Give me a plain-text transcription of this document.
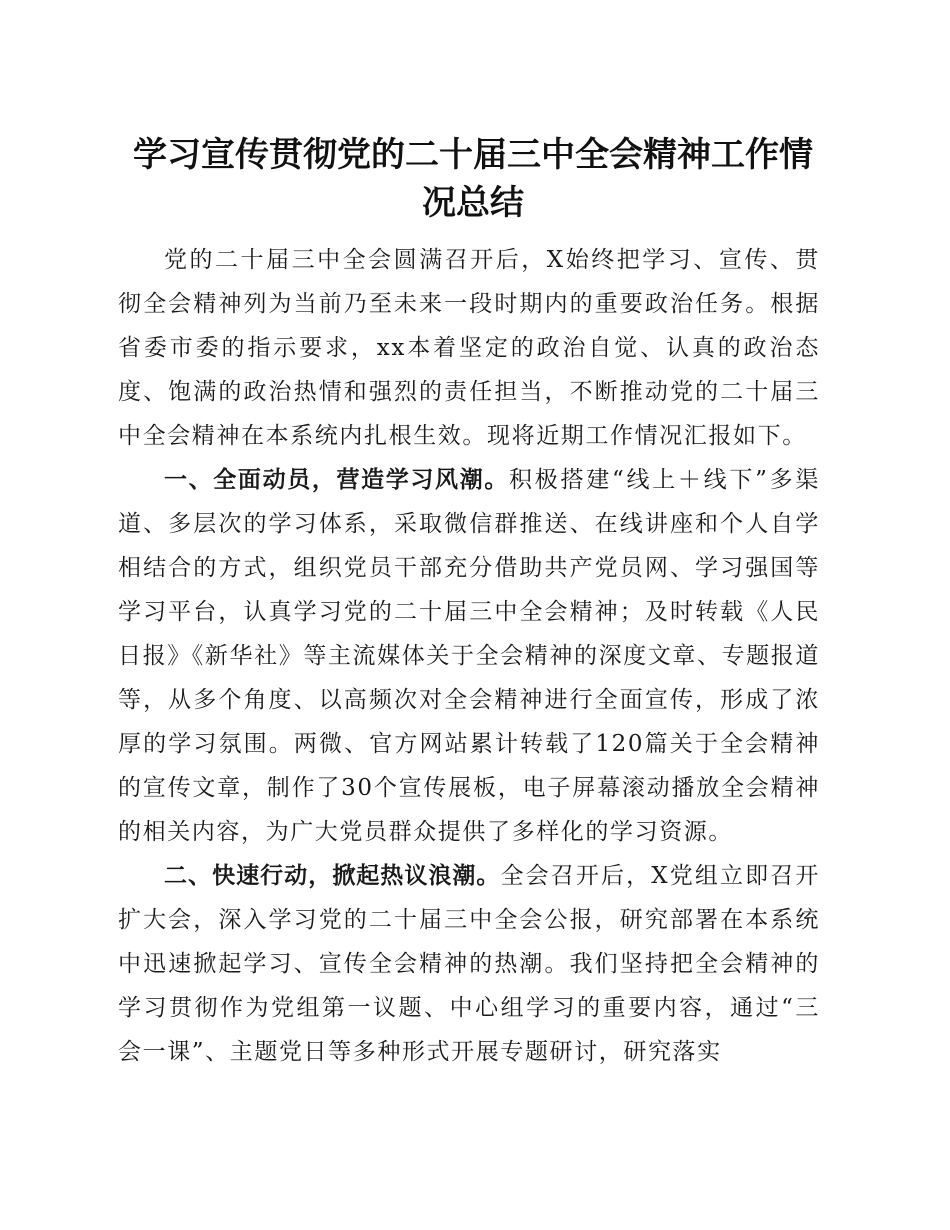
学习宣传贯彻党的二十届三中全会精神工作情况总结

党的二十届三中全会圆满召开后，X始终把学习、宣传、贯彻全会精神列为当前乃至未来一段时期内的重要政治任务。根据省委市委的指示要求，xx本着坚定的政治自觉、认真的政治态度、饱满的政治热情和强烈的责任担当，不断推动党的二十届三中全会精神在本系统内扎根生效。现将近期工作情况汇报如下。

一、全面动员，营造学习风潮。积极搭建“线上＋线下”多渠道、多层次的学习体系，采取微信群推送、在线讲座和个人自学相结合的方式，组织党员干部充分借助共产党员网、学习强国等学习平台，认真学习党的二十届三中全会精神；及时转载《人民日报》《新华社》等主流媒体关于全会精神的深度文章、专题报道等，从多个角度、以高频次对全会精神进行全面宣传，形成了浓厚的学习氛围。两微、官方网站累计转载了120篇关于全会精神的宣传文章，制作了30个宣传展板，电子屏幕滚动播放全会精神的相关内容，为广大党员群众提供了多样化的学习资源。

二、快速行动，掀起热议浪潮。全会召开后，X党组立即召开扩大会，深入学习党的二十届三中全会公报，研究部署在本系统中迅速掀起学习、宣传全会精神的热潮。我们坚持把全会精神的学习贯彻作为党组第一议题、中心组学习的重要内容，通过“三会一课”、主题党日等多种形式开展专题研讨，研究落实
